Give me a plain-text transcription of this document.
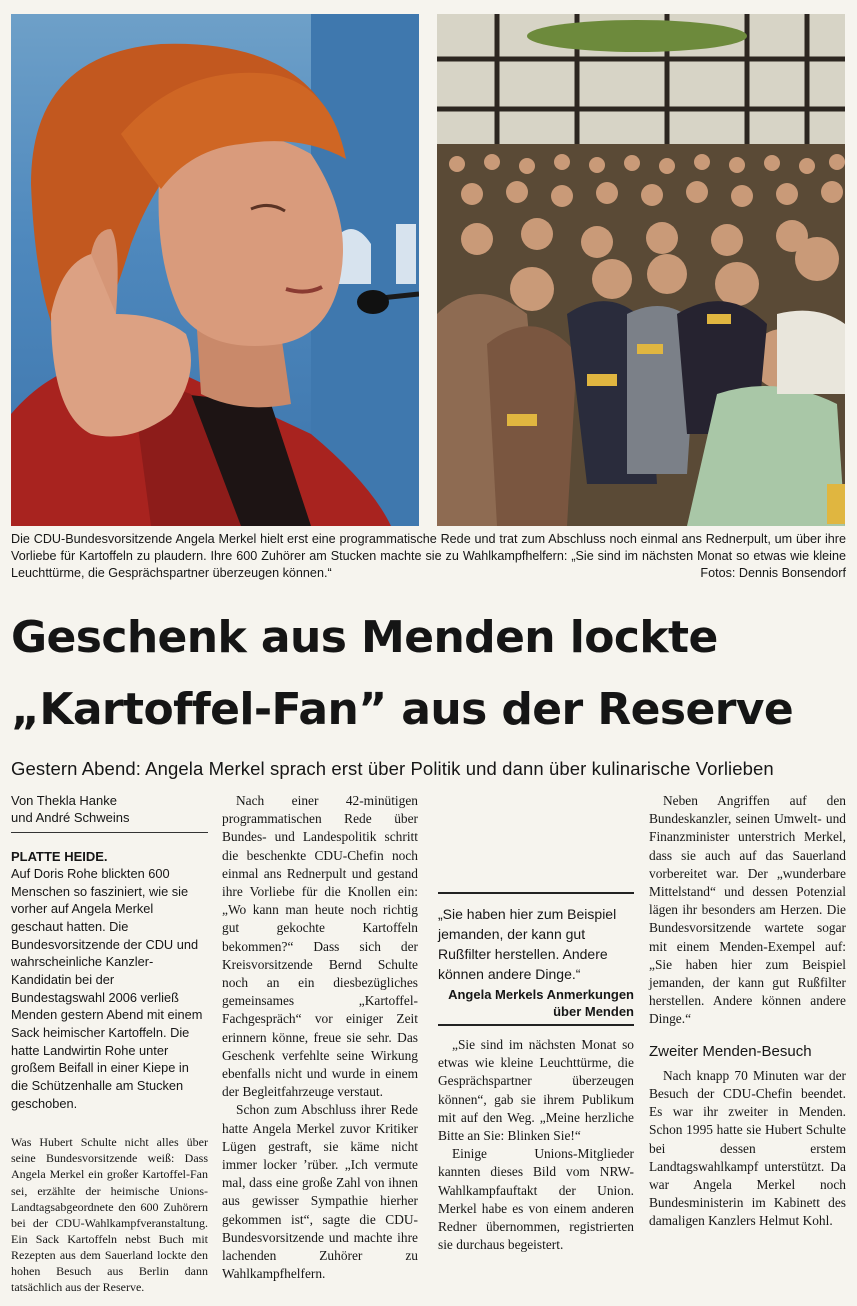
Die CDU-Bundesvorsitzende Angela Merkel hielt erst eine programmatische Rede und trat zum Abschluss noch einmal ans Rednerpult, um über ihre Vorliebe für Kartoffeln zu plaudern. Ihre 600 Zuhörer am Stucken machte sie zu Wahlkampfhelfern: „Sie sind im nächsten Monat so etwas wie kleine Leuchttürme, die Gesprächspartner überzeugen können.“	Fotos: Dennis Bonsendorf
Geschenk aus Menden lockte
„Kartoffel-Fan” aus der Reserve
Gestern Abend: Angela Merkel sprach erst über Politik und dann über kulinarische Vorlieben
Von Thekla Hanke
und André Schweins
PLATTE HEIDE.

Auf Doris Rohe blickten 600 Menschen so fasziniert, wie sie vorher auf Angela Merkel geschaut hatten. Die Bundesvorsitzende der CDU und wahrscheinliche Kanzler-Kandidatin bei der Bundestagswahl 2006 verließ Menden gestern Abend mit einem Sack heimischer Kartoffeln. Die hatte Landwirtin Rohe unter großem Beifall in einer Kiepe in die Schützenhalle am Stucken geschoben.

Was Hubert Schulte nicht alles über seine Bundesvorsitzende weiß: Dass Angela Merkel ein großer Kartoffel-Fan sei, erzählte der heimische Unions-Landtagsabgeordnete den 600 Zuhörern bei der CDU-Wahlkampfveranstaltung. Ein Sack Kartoffeln nebst Buch mit Rezepten aus dem Sauerland lockte den hohen Besuch aus Berlin dann tatsächlich aus der Reserve.

Nach einer 42-minütigen programmatischen Rede über Bundes- und Landespolitik schritt die beschenkte CDU-Chefin noch einmal ans Rednerpult und gestand ihre Vorliebe für die Knollen ein: „Wo kann man heute noch richtig gut gekochte Kartoffeln bekommen?“ Dass sich der Kreisvorsitzende Bernd Schulte noch an ein diesbezügliches gemeinsames „Kartoffel-Fachgespräch“ vor einiger Zeit erinnern könne, freue sie sehr. Das Geschenk verfehlte seine Wirkung ebenfalls nicht und wurde in einem der Begleitfahrzeuge verstaut.

Schon zum Abschluss ihrer Rede hatte Angela Merkel zuvor Kritiker Lügen gestraft, sie käme nicht immer locker ’rüber. „Ich vermute mal, dass eine große Zahl von ihnen aus gewisser Sympathie hierher gekommen ist“, sagte die CDU-Bundesvorsitzende und machte ihre lachenden Zuhörer zu Wahlkampfhelfern.

„Sie haben hier zum Beispiel jemanden, der kann gut Rußfilter herstellen. Andere können andere Dinge.“
Angela Merkels Anmerkungen über Menden

„Sie sind im nächsten Monat so etwas wie kleine Leuchttürme, die Gesprächspartner überzeugen können“, gab sie ihrem Publikum mit auf den Weg. „Meine herzliche Bitte an Sie: Blinken Sie!“

Einige Unions-Mitglieder kannten dieses Bild vom NRW-Wahlkampfauftakt der Union. Merkel habe es von einem anderen Redner übernommen, registrierten sie durchaus begeistert.

Neben Angriffen auf den Bundeskanzler, seinen Umwelt- und Finanzminister unterstrich Merkel, dass sie auch auf das Sauerland vorbereitet war. Der „wunderbare Mittelstand“ und dessen Potenzial lägen ihr besonders am Herzen. Die Bundesvorsitzende wartete sogar mit einem Menden-Exempel auf: „Sie haben hier zum Beispiel jemanden, der kann gut Rußfilter herstellen. Andere können andere Dinge.“

Zweiter Menden-Besuch

Nach knapp 70 Minuten war der Besuch der CDU-Chefin beendet. Es war ihr zweiter in Menden. Schon 1995 hatte sie Hubert Schulte bei dessen erstem Landtagswahlkampf unterstützt. Da war Angela Merkel noch Bundesministerin im Kabinett des damaligen Kanzlers Helmut Kohl.
